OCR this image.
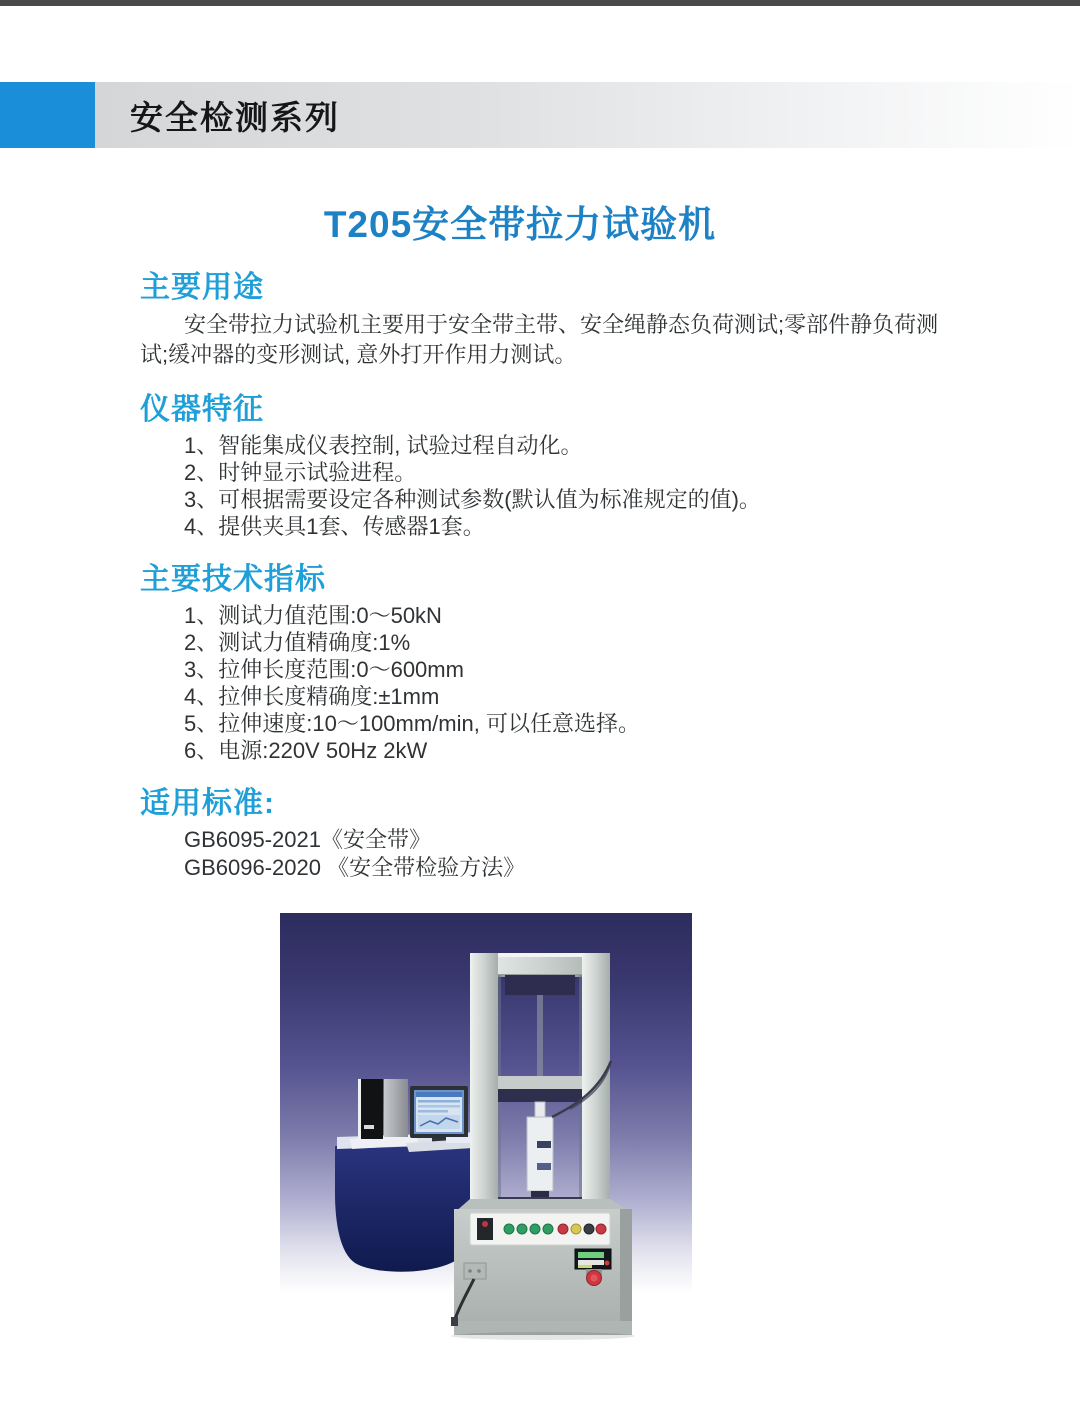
安全检测系列
T205安全带拉力试验机
主要用途

安全带拉力试验机主要用于安全带主带、安全绳静态负荷测试;零部件静负荷测试;缓冲器的变形测试, 意外打开作用力测试。

仪器特征
1、智能集成仪表控制, 试验过程自动化。
2、时钟显示试验进程。
3、可根据需要设定各种测试参数(默认值为标准规定的值)。
4、提供夹具1套、传感器1套。
主要技术指标
1、测试力值范围:0～50kN
2、测试力值精确度:1%
3、拉伸长度范围:0～600mm
4、拉伸长度精确度:±1mm
5、拉伸速度:10～100mm/min, 可以任意选择。
6、电源:220V 50Hz 2kW
适用标准:
GB6095-2021《安全带》
GB6096-2020 《安全带检验方法》
